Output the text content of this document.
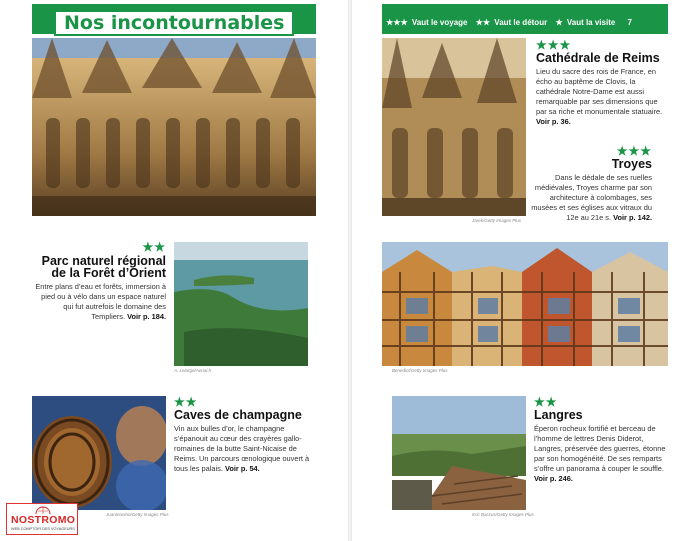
Nos incontournables	★★★ Vaut le voyage ★★ Vaut le détour ★ Vaut la visite 7
Jarek/Getty Images Plus
★★★
Cathédrale de Reims
Lieu du sacre des rois de France, en écho au baptême de Clovis, la cathédrale Notre-Dame est aussi remarquable par ses dimensions que par sa riche et monumentale statuaire. Voir p. 36.
★★★
Troyes
Dans le dédale de ses ruelles médiévales, Troyes charme par son architecture à colombages, ses musées et ses églises aux vitraux du 12e au 21e s. Voir p. 142.
★★
Parc naturel régional
de la Forêt d’Orient
Entre plans d’eau et forêts, immersion à pied ou à vélo dans un espace naturel qui fut autrefois le domaine des Templiers. Voir p. 184.
A. Lelarge/Aerial.fr	Benedict/Getty Images Plus
Juanmonino/Getty Images Plus
★★
Caves de champagne
Vin aux bulles d’or, le champagne s’épanouit au cœur des crayères gallo-romaines de la butte Saint-Nicaise de Reims. Un parcours œnologique ouvert à tous les palais. Voir p. 54.
Eric Baccus/Getty Images Plus
★★
Langres
Éperon rocheux fortifié et berceau de l’homme de lettres Denis Diderot, Langres, préservée des guerres, étonne par son homogénéité. De ses remparts s’offre un panorama à couper le souffle. Voir p. 246.
NOSTROMO
WEB COMPTOIR DES VOYAGEURS
